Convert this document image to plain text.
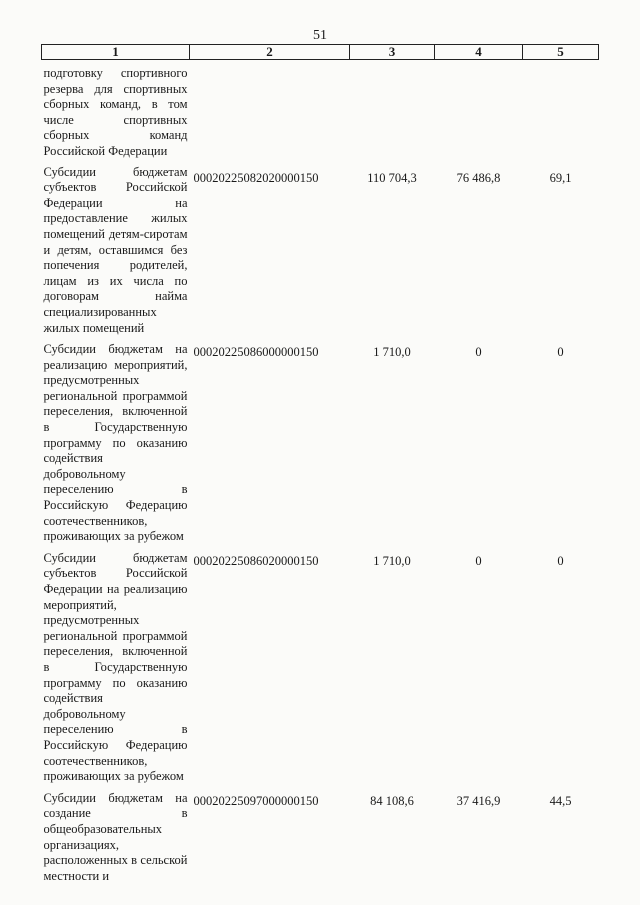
51
1	2	3	4	5
подготовку спортивного резерва для спортивных сборных команд, в том числе спортивных сборных команд Российской Федерации				
Субсидии бюджетам субъектов Российской Федерации на предоставление жилых помещений детям-сиротам и детям, оставшимся без попечения родителей, лицам из их числа по договорам найма специализированных жилых помещений	00020225082020000150	110 704,3	76 486,8	69,1
Субсидии бюджетам на реализацию мероприятий, предусмотренных региональной программой переселения, включенной в Государственную программу по оказанию содействия добровольному переселению в Российскую Федерацию соотечественников, проживающих за рубежом	00020225086000000150	1 710,0	0	0
Субсидии бюджетам субъектов Российской Федерации на реализацию мероприятий, предусмотренных региональной программой переселения, включенной в Государственную программу по оказанию содействия добровольному переселению в Российскую Федерацию соотечественников, проживающих за рубежом	00020225086020000150	1 710,0	0	0
Субсидии бюджетам на создание в общеобразовательных организациях, расположенных в сельской местности и	00020225097000000150	84 108,6	37 416,9	44,5
